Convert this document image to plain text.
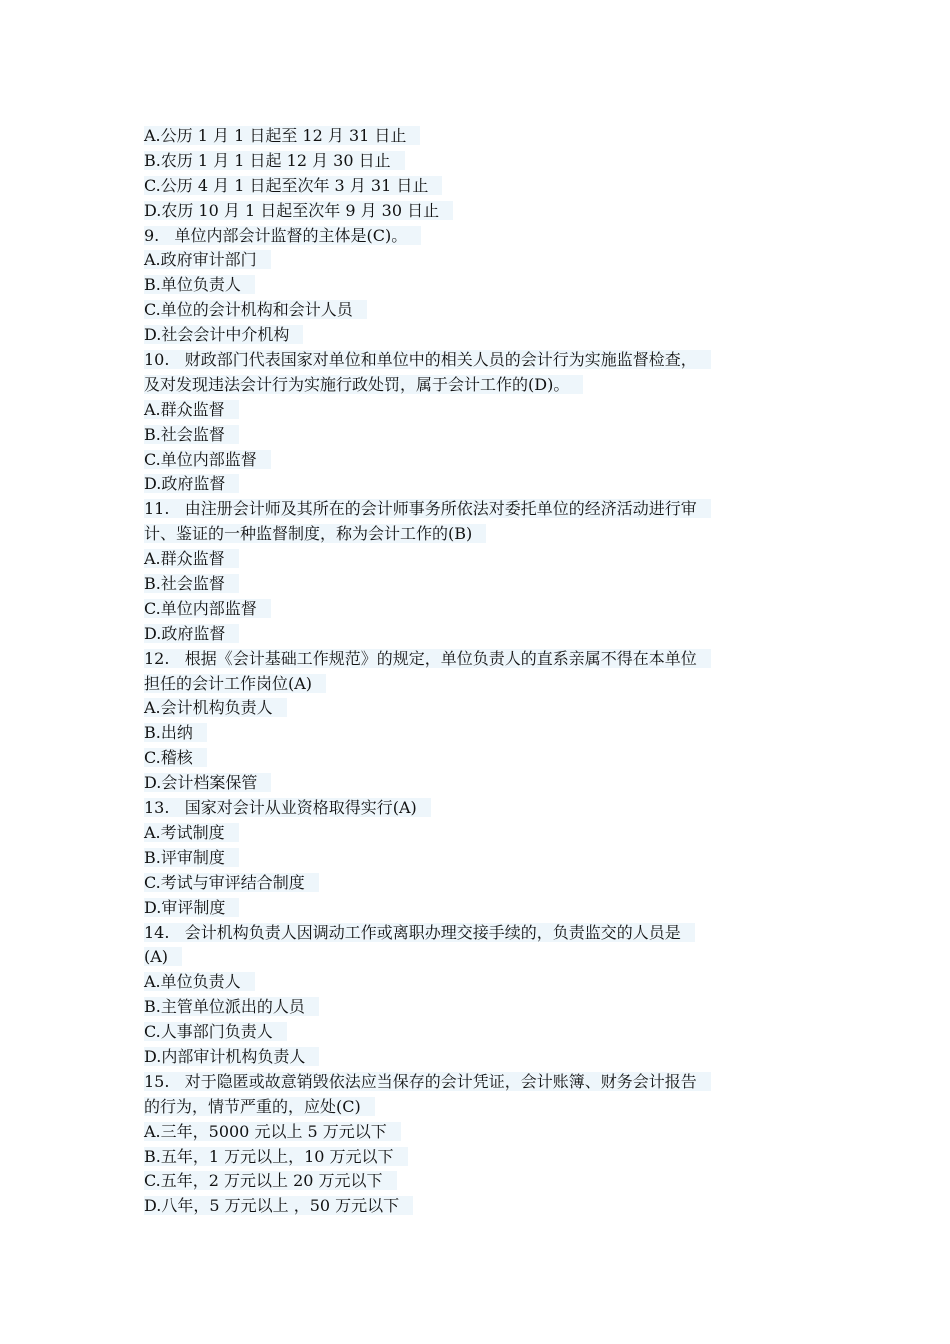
A.公历 1 月 1 日起至 12 月 31 日止
B.农历 1 月 1 日起 12 月 30 日止
C.公历 4 月 1 日起至次年 3 月 31 日止
D.农历 10 月 1 日起至次年 9 月 30 日止
9.   单位内部会计监督的主体是(C)。
A.政府审计部门
B.单位负责人
C.单位的会计机构和会计人员
D.社会会计中介机构
10.   财政部门代表国家对单位和单位中的相关人员的会计行为实施监督检查，
及对发现违法会计行为实施行政处罚，属于会计工作的(D)。
A.群众监督
B.社会监督
C.单位内部监督
D.政府监督
11.   由注册会计师及其所在的会计师事务所依法对委托单位的经济活动进行审
计、鉴证的一种监督制度，称为会计工作的(B)
A.群众监督
B.社会监督
C.单位内部监督
D.政府监督
12.   根据《会计基础工作规范》的规定，单位负责人的直系亲属不得在本单位
担任的会计工作岗位(A)
A.会计机构负责人
B.出纳
C.稽核
D.会计档案保管
13.   国家对会计从业资格取得实行(A)
A.考试制度
B.评审制度
C.考试与审评结合制度
D.审评制度
14.   会计机构负责人因调动工作或离职办理交接手续的，负责监交的人员是
(A)
A.单位负责人
B.主管单位派出的人员
C.人事部门负责人
D.内部审计机构负责人
15.   对于隐匿或故意销毁依法应当保存的会计凭证，会计账簿、财务会计报告
的行为，情节严重的，应处(C)
A.三年，5000 元以上 5 万元以下
B.五年，1 万元以上，10 万元以下
C.五年，2 万元以上 20 万元以下
D.八年，5 万元以上 ，50 万元以下
